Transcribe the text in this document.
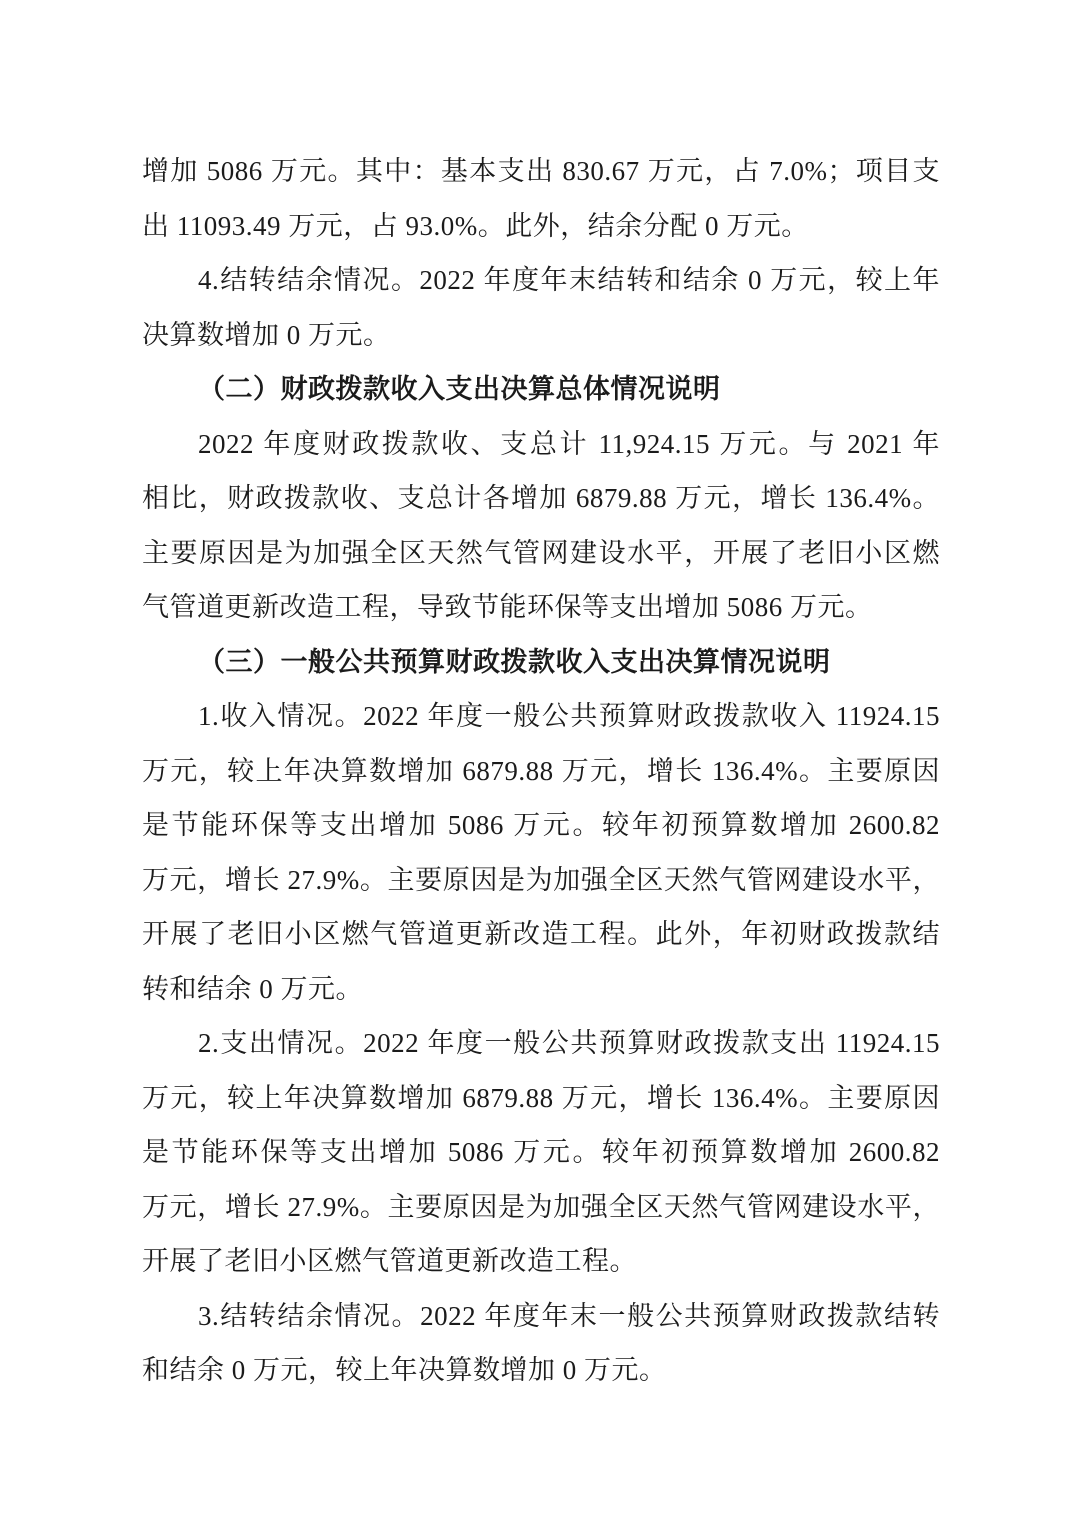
增加 5086 万元。其中：基本支出 830.67 万元，占 7.0%；项目支
出 11093.49 万元，占 93.0%。此外，结余分配 0 万元。
4.结转结余情况。2022 年度年末结转和结余 0 万元，较上年
决算数增加 0 万元。
（二）财政拨款收入支出决算总体情况说明
2022 年度财政拨款收、支总计 11,924.15 万元。与 2021 年
相比，财政拨款收、支总计各增加 6879.88 万元，增长 136.4%。
主要原因是为加强全区天然气管网建设水平，开展了老旧小区燃
气管道更新改造工程，导致节能环保等支出增加 5086 万元。
（三）一般公共预算财政拨款收入支出决算情况说明
1.收入情况。2022 年度一般公共预算财政拨款收入 11924.15
万元，较上年决算数增加 6879.88 万元，增长 136.4%。主要原因
是节能环保等支出增加 5086 万元。较年初预算数增加 2600.82
万元，增长 27.9%。主要原因是为加强全区天然气管网建设水平，
开展了老旧小区燃气管道更新改造工程。此外，年初财政拨款结
转和结余 0 万元。
2.支出情况。2022 年度一般公共预算财政拨款支出 11924.15
万元，较上年决算数增加 6879.88 万元，增长 136.4%。主要原因
是节能环保等支出增加 5086 万元。较年初预算数增加 2600.82
万元，增长 27.9%。主要原因是为加强全区天然气管网建设水平，
开展了老旧小区燃气管道更新改造工程。
3.结转结余情况。2022 年度年末一般公共预算财政拨款结转
和结余 0 万元，较上年决算数增加 0 万元。
